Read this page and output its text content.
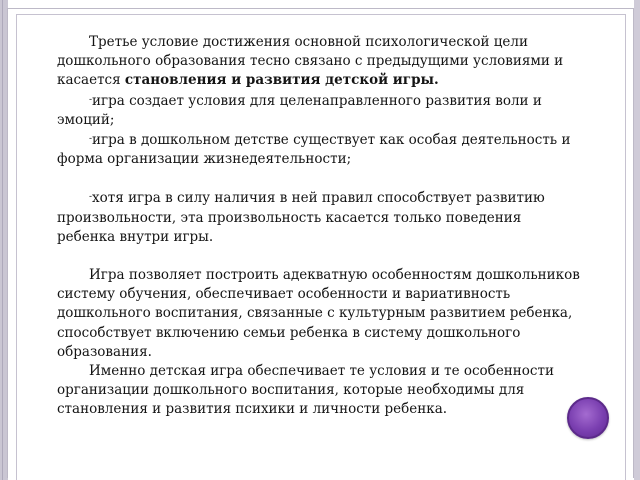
Третье условие достижения основной психологической цели дошкольного образования тесно связано с предыдущими условиями и касается становления и развития детской игры.

-игра создает условия для целенаправленного развития воли и эмоций;

-игра в дошкольном детстве существует как особая деятельность и форма организации жизнедеятельности;

-хотя игра в силу наличия в ней правил способствует развитию произвольности, эта произвольность касается только поведения ребенка внутри игры.

Игра позволяет построить адекватную особенностям дошкольников систему обучения, обеспечивает особенности и вариативность дошкольного воспитания, связанные с культурным развитием ребенка, способствует включению семьи ребенка в систему дошкольного образования.

Именно детская игра обеспечивает те условия и те особенности организации дошкольного воспитания, которые необходимы для становления и развития психики и личности ребенка.
